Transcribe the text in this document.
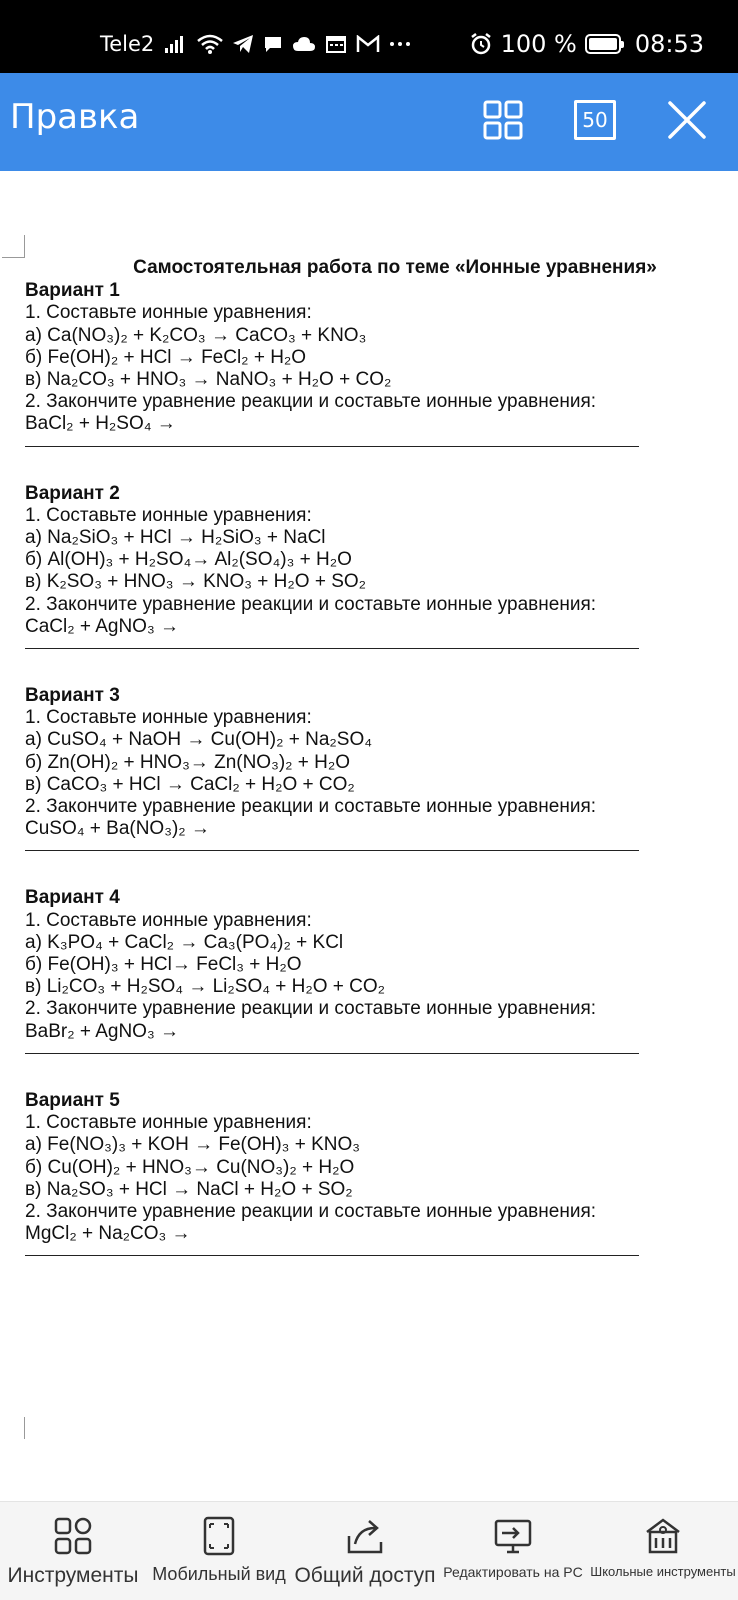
Tele2	100 % 08:53
Правка	50
Самостоятельная работа по теме «Ионные уравнения»
Вариант 1
1. Составьте ионные уравнения:
а) Ca(NO₃)₂ + K₂CO₃ → CaCO₃ + KNO₃
б) Fe(OH)₂ + HCl → FeCl₂ + H₂O
в) Na₂CO₃ + HNO₃ → NaNO₃ + H₂O + CO₂
2. Закончите уравнение реакции и составьте ионные уравнения:
BaCl₂ + H₂SO₄ →
Вариант 2
1. Составьте ионные уравнения:
а) Na₂SiO₃ + HCl → H₂SiO₃ + NaCl
б) Al(OH)₃ + H₂SO₄→ Al₂(SO₄)₃ + H₂O
в) K₂SO₃ + HNO₃ → KNO₃ + H₂O + SO₂
2. Закончите уравнение реакции и составьте ионные уравнения:
CaCl₂ + AgNO₃ →
Вариант 3
1. Составьте ионные уравнения:
а) CuSO₄ + NaOH → Cu(OH)₂ + Na₂SO₄
б) Zn(OH)₂ + HNO₃→ Zn(NO₃)₂ + H₂O
в) CaCO₃ + HCl → CaCl₂ + H₂O + CO₂
2. Закончите уравнение реакции и составьте ионные уравнения:
CuSO₄ + Ba(NO₃)₂ →
Вариант 4
1. Составьте ионные уравнения:
а) K₃PO₄ + CaCl₂ → Ca₃(PO₄)₂ + KCl
б) Fe(OH)₃ + HCl→ FeCl₃ + H₂O
в) Li₂CO₃ + H₂SO₄ → Li₂SO₄ + H₂O + CO₂
2. Закончите уравнение реакции и составьте ионные уравнения:
BaBr₂ + AgNO₃ →
Вариант 5
1. Составьте ионные уравнения:
а) Fe(NO₃)₃ + KOH → Fe(OH)₃ + KNO₃
б) Cu(OH)₂ + HNO₃→ Cu(NO₃)₂ + H₂O
в) Na₂SO₃ + HCl → NaCl + H₂O + SO₂
2. Закончите уравнение реакции и составьте ионные уравнения:
MgCl₂ + Na₂CO₃ →
Инструменты Мобильный вид Общий доступ Редактировать на PC Школьные инструменты
